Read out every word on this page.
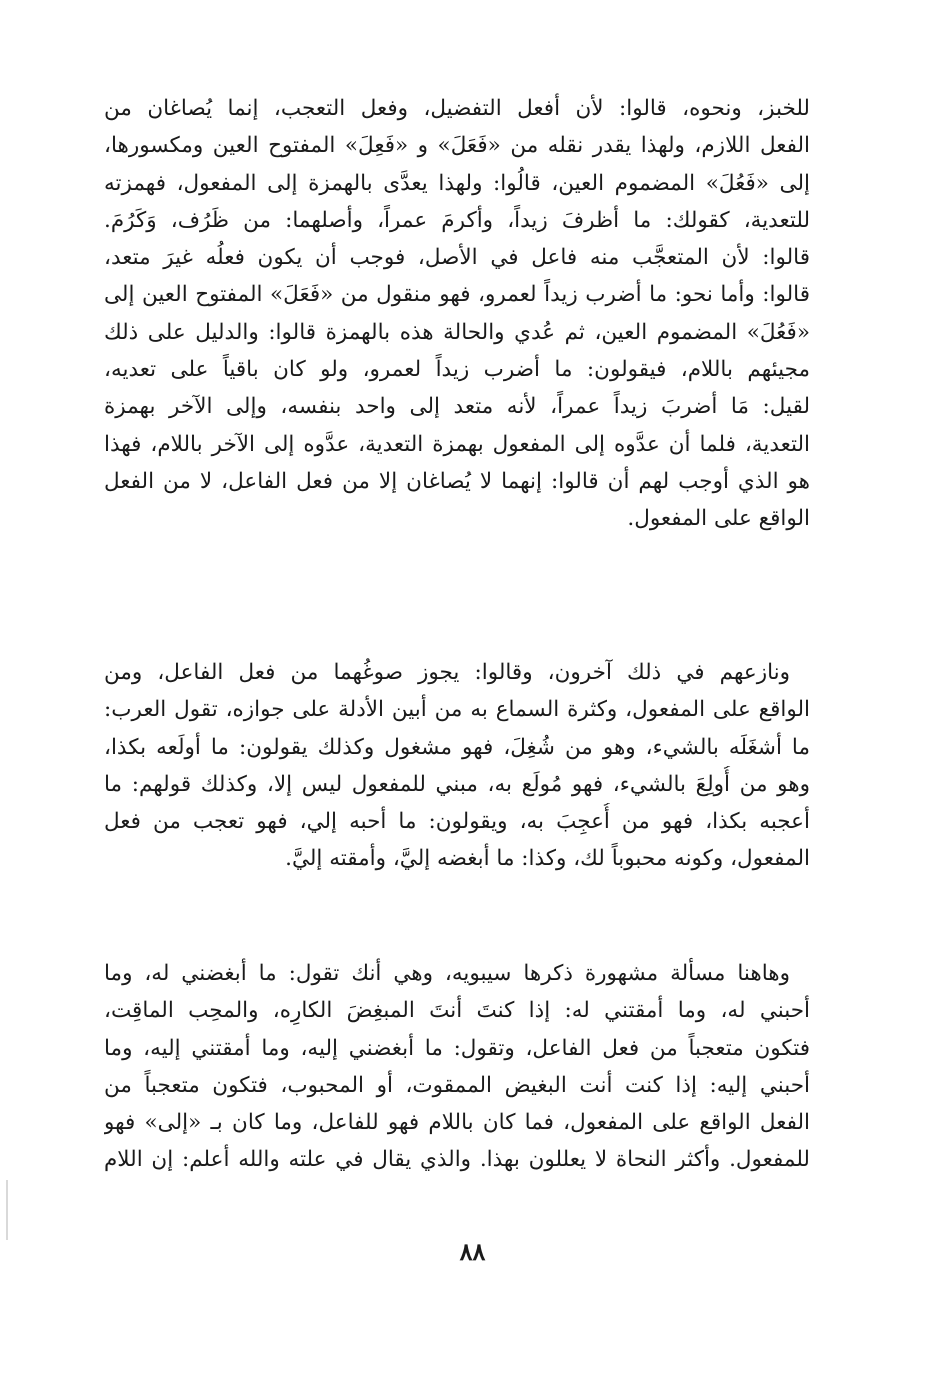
للخبز، ونحوه، قالوا: لأن أفعل التفضيل، وفعل التعجب، إنما يُصاغان من
الفعل اللازم، ولهذا يقدر نقله من «فَعَلَ» و «فَعِلَ» المفتوح العين ومكسورها،
إلى «فَعُلَ» المضموم العين، قالُوا: ولهذا يعدَّى بالهمزة إلى المفعول، فهمزته
للتعدية، كقولك: ما أظرفَ زيداً، وأكرمَ عمراً، وأصلهما: من ظَرُف، وَكَرُمَ.
قالوا: لأن المتعجَّب منه فاعل في الأصل، فوجب أن يكون فعلُه غيرَ متعد،
قالوا: وأما نحو: ما أضرب زيداً لعمرو، فهو منقول من «فَعَلَ» المفتوح العين إلى
«فَعُلَ» المضموم العين، ثم عُدي والحالة هذه بالهمزة قالوا: والدليل على ذلك
مجيئهم باللام، فيقولون: ما أضرب زيداً لعمرو، ولو كان باقياً على تعديه،
لقيل: مَا أضربَ زيداً عمراً، لأنه متعد إلى واحد بنفسه، وإلى الآخر بهمزة
التعدية، فلما أن عدَّوه إلى المفعول بهمزة التعدية، عدَّوه إلى الآخر باللام، فهذا
هو الذي أوجب لهم أن قالوا: إنهما لا يُصاغان إلا من فعل الفاعل، لا من الفعل
الواقع على المفعول.
ونازعهم في ذلك آخرون، وقالوا: يجوز صوغُهما من فعل الفاعل، ومن
الواقع على المفعول، وكثرة السماع به من أبين الأدلة على جوازه، تقول العرب:
ما أشغَلَه بالشيء، وهو من شُغِلَ، فهو مشغول وكذلك يقولون: ما أولَعه بكذا،
وهو من أُولِعَ بالشيء، فهو مُولَع به، مبني للمفعول ليس إلا، وكذلك قولهم: ما
أعجبه بكذا، فهو من أُعجِبَ به، ويقولون: ما أحبه إلي، فهو تعجب من فعل
المفعول، وكونه محبوباً لك، وكذا: ما أبغضه إليَّ، وأمقته إليَّ.
وهاهنا مسألة مشهورة ذكرها سيبويه، وهي أنك تقول: ما أبغضني له، وما
أحبني له، وما أمقتني له: إذا كنتَ أنتَ المبغِضَ الكارِه، والمحِب الماقِت،
فتكون متعجباً من فعل الفاعل، وتقول: ما أبغضني إليه، وما أمقتني إليه، وما
أحبني إليه: إذا كنت أنت البغيض الممقوت، أو المحبوب، فتكون متعجباً من
الفعل الواقع على المفعول، فما كان باللام فهو للفاعل، وما كان بـ «إلى» فهو
للمفعول. وأكثر النحاة لا يعللون بهذا. والذي يقال في علته والله أعلم: إن اللام
٨٨
